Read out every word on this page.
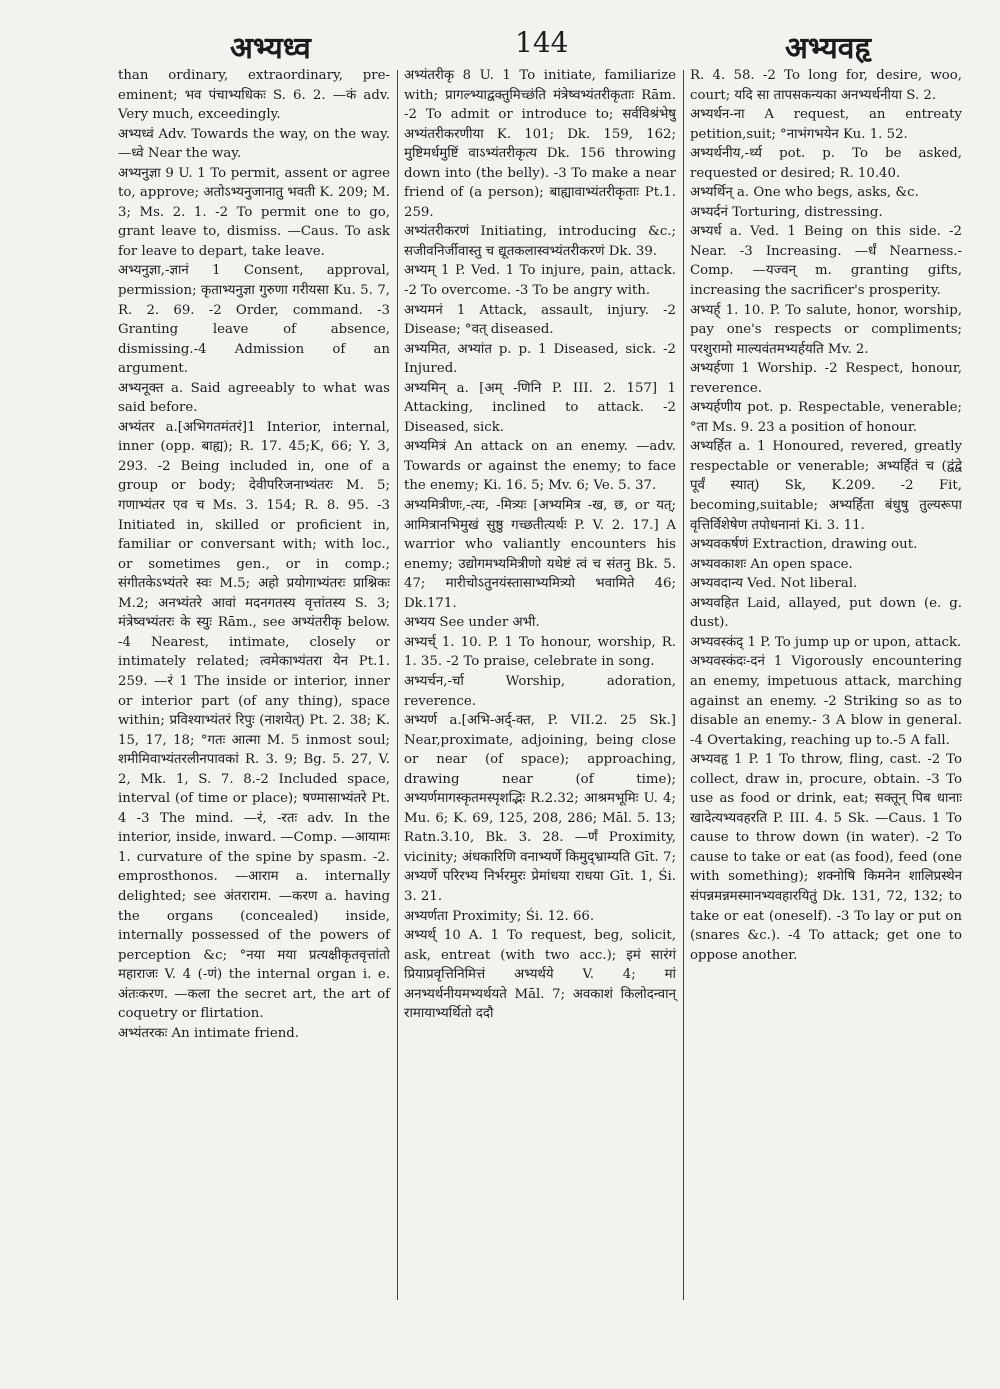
अभ्यध्व	144	अभ्यवहृ

than ordinary, extraordinary, pre-eminent; भव पंचाभ्यधिकः S. 6. 2. —कं adv. Very much, exceedingly.

अभ्यध्वं Adv. Towards the way, on the way. —ध्वे Near the way.

अभ्यनुज्ञा 9 U. 1 To permit, assent or agree to, approve; अतोऽभ्यनुजानातु भवती K. 209; M. 3; Ms. 2. 1. -2 To permit one to go, grant leave to, dismiss. —Caus. To ask for leave to depart, take leave.

अभ्यनुज्ञा,-ज्ञानं 1 Consent, approval, permission; कृताभ्यनुज्ञा गुरुणा गरीयसा Ku. 5. 7, R. 2. 69. -2 Order, command. -3 Granting leave of absence, dismissing.-4 Admission of an argument.

अभ्यनूक्त a. Said agreeably to what was said before.

अभ्यंतर a.[अभिगतमंतरं]1 Interior, internal, inner (opp. बाह्य); R. 17. 45;K, 66; Y. 3, 293. -2 Being included in, one of a group or body; देवीपरिजनाभ्यंतरः M. 5; गणाभ्यंतर एव च Ms. 3. 154; R. 8. 95. -3 Initiated in, skilled or proficient in, familiar or conversant with; with loc., or sometimes gen., or in comp.; संगीतकेऽभ्यंतरे स्वः M.5; अहो प्रयोगाभ्यंतरः प्राश्निकः M.2; अनभ्यंतरे आवां मदनगतस्य वृत्तांतस्य S. 3; मंत्रेष्वभ्यंतरः के स्युः Rām., see अभ्यंतरीकृ below. -4 Nearest, intimate, closely or intimately related; त्वमेकाभ्यंतरा येन Pt.1. 259. —रं 1 The inside or interior, inner or interior part (of any thing), space within; प्रविश्याभ्यंतरं रिपुः (नाशयेत्) Pt. 2. 38; K. 15, 17, 18; °गतः आत्मा M. 5 inmost soul; शमीमिवाभ्यंतरलीनपावकां R. 3. 9; Bg. 5. 27, V. 2, Mk. 1, S. 7. 8.-2 Included space, interval (of time or place); षण्मासाभ्यंतरे Pt. 4 -3 The mind. —रं, -रतः adv. In the interior, inside, inward. —Comp. —आयामः 1. curvature of the spine by spasm. -2. emprosthonos. —आराम a. internally delighted; see अंतराराम. —करण a. having the organs (concealed) inside, internally possessed of the powers of perception &c; °नया मया प्रत्यक्षीकृतवृत्तांतो महाराजः V. 4 (-णं) the internal organ i. e. अंतःकरण. —कला the secret art, the art of coquetry or flirtation.

अभ्यंतरकः An intimate friend.

अभ्यंतरीकृ 8 U. 1 To initiate, familiarize with; प्रागल्भ्याद्वक्तुमिच्छंति मंत्रेष्वभ्यंतरीकृताः Rām. -2 To admit or introduce to; सर्वविश्रंभेषु अभ्यंतरीकरणीया K. 101; Dk. 159, 162; मुष्टिमर्धमुष्टिं वाऽभ्यंतरीकृत्य Dk. 156 throwing down into (the belly). -3 To make a near friend of (a person); बाह्यावाभ्यंतरीकृताः Pt.1. 259.

अभ्यंतरीकरणं Initiating, introducing &c.; सजीवनिर्जीवास्तु च द्यूतकलास्वभ्यंतरीकरणं Dk. 39.

अभ्यम् 1 P. Ved. 1 To injure, pain, attack. -2 To overcome. -3 To be angry with.

अभ्यमनं 1 Attack, assault, injury. -2 Disease; °वत् diseased.

अभ्यमित, अभ्यांत p. p. 1 Diseased, sick. -2 Injured.

अभ्यमिन् a. [अम् -णिनि P. III. 2. 157] 1 Attacking, inclined to attack. -2 Diseased, sick.

अभ्यमित्रं An attack on an enemy. —adv. Towards or against the enemy; to face the enemy; Ki. 16. 5; Mv. 6; Ve. 5. 37.

अभ्यमित्रीणः,-त्यः, -मित्र्यः [अभ्यमित्र -ख, छ, or यत्; आमित्रानभिमुखं सुष्ठु गच्छतीत्यर्थः P. V. 2. 17.] A warrior who valiantly encounters his enemy; उद्योगमभ्यमित्रीणो यथेष्टं त्वं च संतनु Bk. 5. 47; मारीचोऽतुनयंस्तासाभ्यमित्र्यो भवामिते 46; Dk.171.

अभ्यय See under अभी.

अभ्यर्च् 1. 10. P. 1 To honour, worship, R. 1. 35. -2 To praise, celebrate in song.

अभ्यर्चन,-र्चा Worship, adoration, reverence.

अभ्यर्ण a.[अभि-अर्द्-क्त, P. VII.2. 25 Sk.] Near,proximate, adjoining, being close or near (of space); approaching, drawing near (of time); अभ्यर्णमागस्कृतमस्पृशद्भिः R.2.32; आश्रमभूमिः U. 4; Mu. 6; K. 69, 125, 208, 286; Māl. 5. 13; Ratn.3.10, Bk. 3. 28. —र्णं Proximity, vicinity; अंधकारिणि वनाभ्यर्णे किमुद्भ्राम्यति Gīt. 7; अभ्यर्णे परिरभ्य निर्भरमुरः प्रेमांधया राधया Gīt. 1, Śi. 3. 21.

अभ्यर्णता Proximity; Śi. 12. 66.

अभ्यर्थ् 10 A. 1 To request, beg, solicit, ask, entreat (with two acc.); इमं सारंगं प्रियाप्रवृत्तिनिमित्तं अभ्यर्थये V. 4; मां अनभ्यर्थनीयमभ्यर्थयते Māl. 7; अवकाशं किलोदन्वान् रामायाभ्यर्थितो ददौ

R. 4. 58. -2 To long for, desire, woo, court; यदि सा तापसकन्यका अनभ्यर्थनीया S. 2.

अभ्यर्थन-ना A request, an entreaty petition,suit; °नाभंगभयेन Ku. 1. 52.

अभ्यर्थनीय,-र्थ्य pot. p. To be asked, requested or desired; R. 10.40.

अभ्यर्थिन् a. One who begs, asks, &c.

अभ्यर्दनं Torturing, distressing.

अभ्यर्ध a. Ved. 1 Being on this side. -2 Near. -3 Increasing. —र्धं Nearness.-Comp. —यज्वन् m. granting gifts, increasing the sacrificer's prosperity.

अभ्यर्ह् 1. 10. P. To salute, honor, worship, pay one's respects or compliments; परशुरामो माल्यवंतमभ्यर्हयति Mv. 2.

अभ्यर्हणा 1 Worship. -2 Respect, honour, reverence.

अभ्यर्हणीय pot. p. Respectable, venerable; °ता Ms. 9. 23 a position of honour.

अभ्यर्हित a. 1 Honoured, revered, greatly respectable or venerable; अभ्यर्हितं च (द्वंद्वे पूर्वं स्यात्) Sk, K.209. -2 Fit, becoming,suitable; अभ्यर्हिता बंधुषु तुल्यरूपा वृत्तिर्विशेषेण तपोधनानां Ki. 3. 11.

अभ्यवकर्षणं Extraction, drawing out.

अभ्यवकाशः An open space.

अभ्यवदान्य Ved. Not liberal.

अभ्यवहित Laid, allayed, put down (e. g. dust).

अभ्यवस्कंद् 1 P. To jump up or upon, attack.

अभ्यवस्कंदः-दनं 1 Vigorously encountering an enemy, impetuous attack, marching against an enemy. -2 Striking so as to disable an enemy.- 3 A blow in general. -4 Overtaking, reaching up to.-5 A fall.

अभ्यवहृ 1 P. 1 To throw, fling, cast. -2 To collect, draw in, procure, obtain. -3 To use as food or drink, eat; सक्तून् पिब धानाः खादेत्यभ्यवहरति P. III. 4. 5 Sk. —Caus. 1 To cause to throw down (in water). -2 To cause to take or eat (as food), feed (one with something); शक्नोषि किमनेन शालिप्रस्थेन संपन्नमन्नमस्मानभ्यवहारयितुं Dk. 131, 72, 132; to take or eat (oneself). -3 To lay or put on (snares &c.). -4 To attack; get one to oppose another.
